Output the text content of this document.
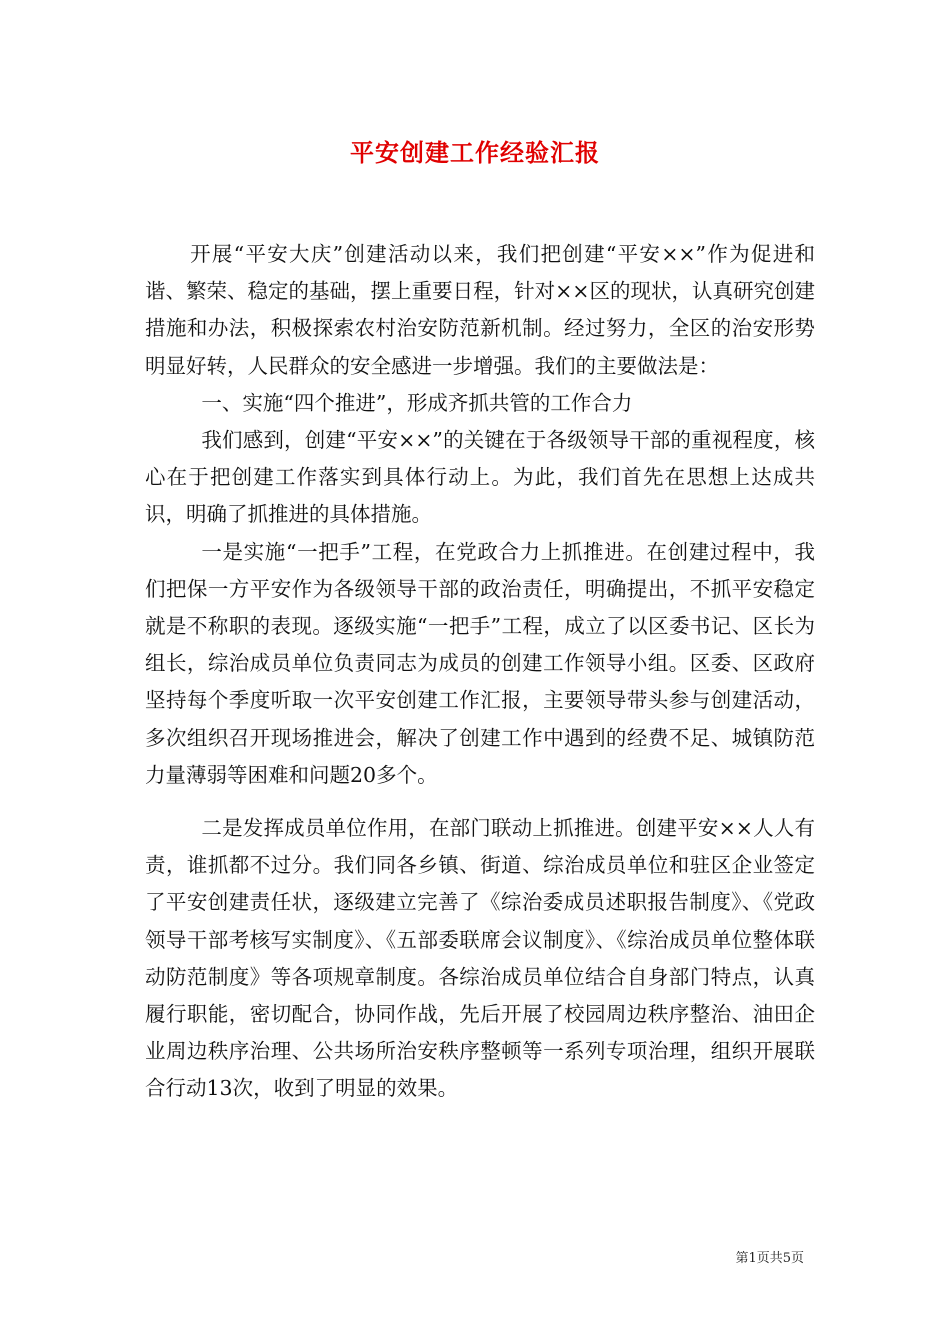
平安创建工作经验汇报

开展“平安大庆”创建活动以来，我们把创建“平安××”作为促进和谐、繁荣、稳定的基础，摆上重要日程，针对××区的现状，认真研究创建措施和办法，积极探索农村治安防范新机制。经过努力，全区的治安形势明显好转，人民群众的安全感进一步增强。我们的主要做法是：

一、实施“四个推进”，形成齐抓共管的工作合力

我们感到，创建“平安××”的关键在于各级领导干部的重视程度，核心在于把创建工作落实到具体行动上。为此，我们首先在思想上达成共识，明确了抓推进的具体措施。

一是实施“一把手”工程，在党政合力上抓推进。在创建过程中，我们把保一方平安作为各级领导干部的政治责任，明确提出，不抓平安稳定就是不称职的表现。逐级实施“一把手”工程，成立了以区委书记、区长为组长，综治成员单位负责同志为成员的创建工作领导小组。区委、区政府坚持每个季度听取一次平安创建工作汇报，主要领导带头参与创建活动，多次组织召开现场推进会，解决了创建工作中遇到的经费不足、城镇防范力量薄弱等困难和问题20多个。

二是发挥成员单位作用，在部门联动上抓推进。创建平安××人人有责，谁抓都不过分。我们同各乡镇、街道、综治成员单位和驻区企业签定了平安创建责任状，逐级建立完善了《综治委成员述职报告制度》、《党政领导干部考核写实制度》、《五部委联席会议制度》、《综治成员单位整体联动防范制度》等各项规章制度。各综治成员单位结合自身部门特点，认真履行职能，密切配合，协同作战，先后开展了校园周边秩序整治、油田企业周边秩序治理、公共场所治安秩序整顿等一系列专项治理，组织开展联合行动13次，收到了明显的效果。

第1页共5页
